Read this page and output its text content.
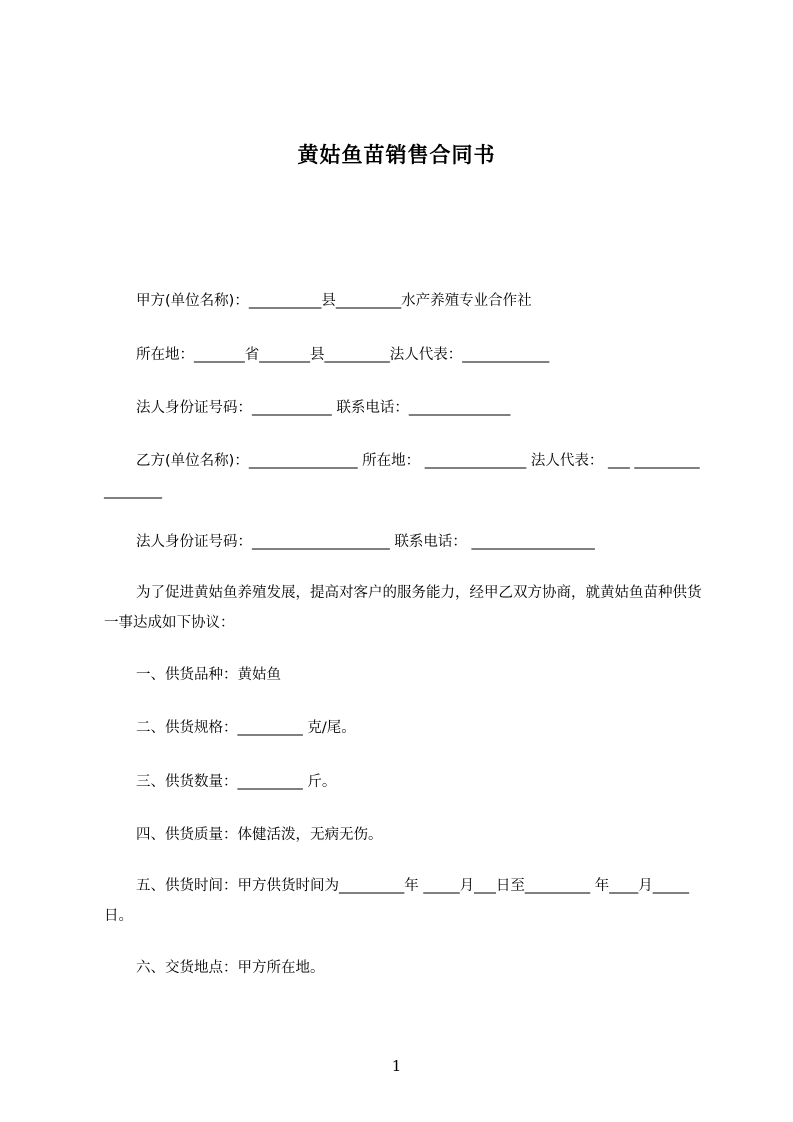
黄姑鱼苗销售合同书
甲方(单位名称)：__________县_________水产养殖专业合作社
所在地：_______省_______县_________法人代表：____________
法人身份证号码：___________ 联系电话：______________
乙方(单位名称)：_______________ 所在地： ______________ 法人代表： ___ _________________
法人身份证号码：___________________ 联系电话： _________________
为了促进黄姑鱼养殖发展，提高对客户的服务能力，经甲乙双方协商，就黄姑鱼苗种供货一事达成如下协议：
一、供货品种：黄姑鱼
二、供货规格：_________ 克/尾。
三、供货数量：_________ 斤。
四、供货质量：体健活泼，无病无伤。
五、供货时间：甲方供货时间为_________年 _____月___日至_________ 年____月_____日。
六、交货地点：甲方所在地。
1
